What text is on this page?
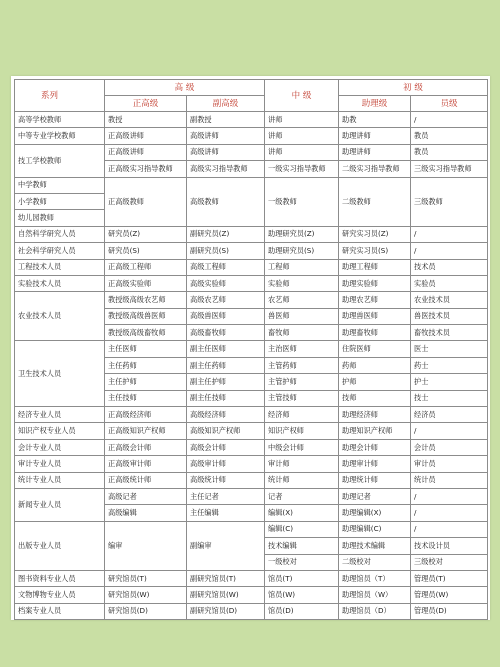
系列	高 级		中 级	初 级	
	正高级	副高级		助理级	员级
高等学校教师	教授	副教授	讲师	助教	/
中等专业学校教师	正高级讲师	高级讲师	讲师	助理讲师	教员
技工学校教师	正高级讲师	高级讲师	讲师	助理讲师	教员
	正高级实习指导教师	高级实习指导教师	一级实习指导教师	二级实习指导教师	三级实习指导教师
中学教师	正高级教师	高级教师	一级教师	二级教师	三级教师
小学教师					
幼儿园教师					
自然科学研究人员	研究员(Z)	副研究员(Z)	助理研究员(Z)	研究实习员(Z)	/
社会科学研究人员	研究员(S)	副研究员(S)	助理研究员(S)	研究实习员(S)	/
工程技术人员	正高级工程师	高级工程师	工程师	助理工程师	技术员
实验技术人员	正高级实验师	高级实验师	实验师	助理实验师	实验员
农业技术人员	教授级高级农艺师	高级农艺师	农艺师	助理农艺师	农业技术员
	教授级高级兽医师	高级兽医师	兽医师	助理兽医师	兽医技术员
	教授级高级畜牧师	高级畜牧师	畜牧师	助理畜牧师	畜牧技术员
卫生技术人员	主任医师	副主任医师	主治医师	住院医师	医士
	主任药师	副主任药师	主管药师	药师	药士
	主任护师	副主任护师	主管护师	护师	护士
	主任技师	副主任技师	主管技师	技师	技士
经济专业人员	正高级经济师	高级经济师	经济师	助理经济师	经济员
知识产权专业人员	正高级知识产权师	高级知识产权师	知识产权师	助理知识产权师	/
会计专业人员	正高级会计师	高级会计师	中级会计师	助理会计师	会计员
审计专业人员	正高级审计师	高级审计师	审计师	助理审计师	审计员
统计专业人员	正高级统计师	高级统计师	统计师	助理统计师	统计员
新闻专业人员	高级记者	主任记者	记者	助理记者	/
	高级编辑	主任编辑	编辑(X)	助理编辑(X)	/
出版专业人员	编审	副编审	编辑(C)	助理编辑(C)	/
			技术编辑	助理技术编辑	技术设计员
			一级校对	二级校对	三级校对
图书资料专业人员	研究馆员(T)	副研究馆员(T)	馆员(T)	助理馆员（T）	管理员(T)
文物博物专业人员	研究馆员(W)	副研究馆员(W)	馆员(W)	助理馆员（W）	管理员(W)
档案专业人员	研究馆员(D)	副研究馆员(D)	馆员(D)	助理馆员（D）	管理员(D)
